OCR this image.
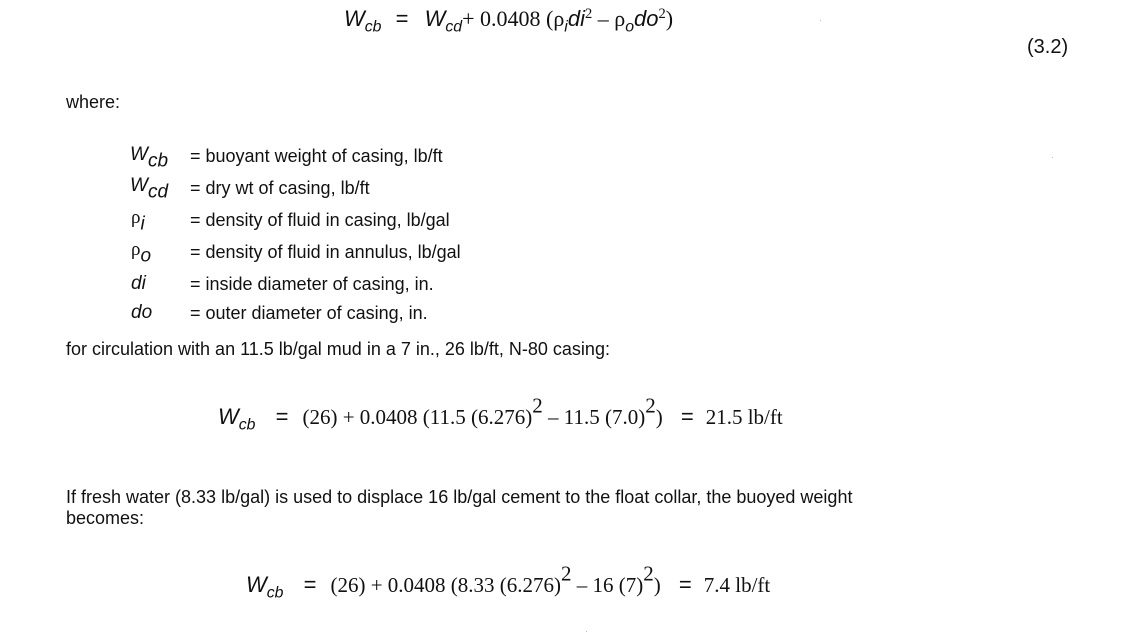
$W_{cb} = W_{cd}+ 0.0408$ $(\rho_idi^2 - \rho_odo^2)$
(3.2)
where:
$W_{cb}$ = buoyant weight of casing, lb/ft
$W_{cd}$ = dry wt of casing, lb/ft
$\rho_i$	= density of fluid in casing, lb/gal
$\rho_o$ = density of fluid in annulus, lb/gal
di = inside diameter of casing, in.
do = outer diameter of casing, in.
for circulation with an 11.5 lb/gal mud in a 7 in., 26 lb/ft, N-80 casing:
$W_{cb} = (26) + 0.0408$ (11.5 $(6.276)^2 - 11.5$ $(7.0)^2) = 21.5$ lb/ft
If fresh water (8.33 lb/gal) is used to displace 16 lb/gal cement to the float collar, the buoyed weight
becomes:
$W_{cb} = (26) + 0.0408$ (8.33 $(6.276)^2 - 16$ $(7)^2) = 7.4$ lb/ft
